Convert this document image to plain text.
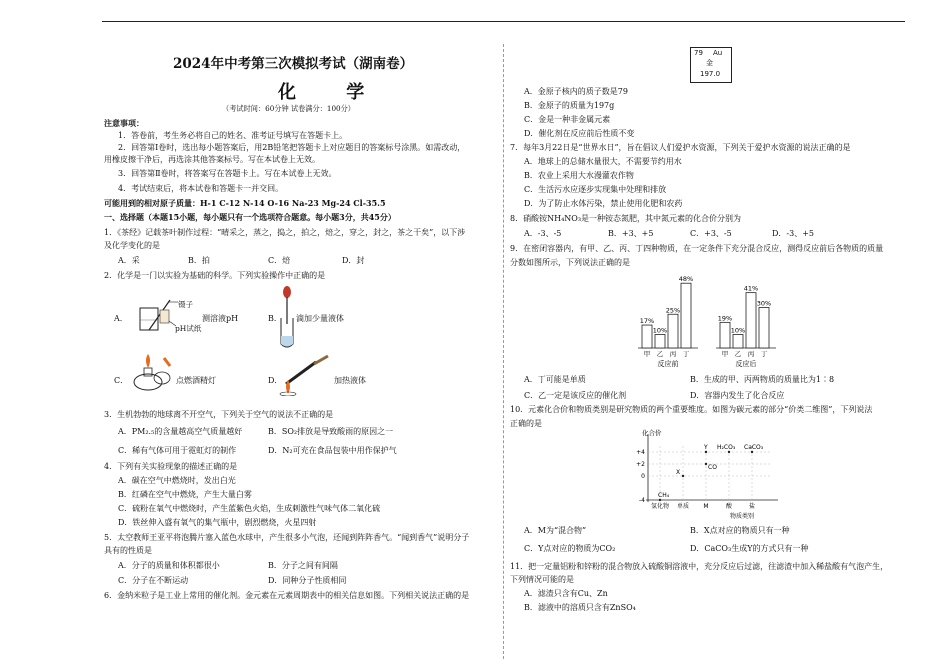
2024年中考第三次模拟考试（湖南卷）
化 学
（考试时间：60分钟 试卷满分：100分）
注意事项：
1．答卷前，考生务必将自己的姓名、准考证号填写在答题卡上。
2．回答第Ⅰ卷时，选出每小题答案后，用2B铅笔把答题卡上对应题目的答案标号涂黑。如需改动，
用橡皮擦干净后，再选涂其他答案标号。写在本试卷上无效。
3．回答第Ⅱ卷时，将答案写在答题卡上。写在本试卷上无效。
4．考试结束后，将本试卷和答题卡一并交回。
可能用到的相对原子质量：H-1 C-12 N-14 O-16 Na-23 Mg-24 Cl-35.5
一、选择题（本题15小题，每小题只有一个选项符合题意。每小题3分，共45分）
1．《茶经》记载茶叶制作过程：“晴采之，蒸之，捣之，拍之，焙之，穿之，封之，茶之干矣”，以下涉
及化学变化的是
A．采	B．拍	C．焙	D．封
2．化学是一门以实验为基础的科学。下列实验操作中正确的是
A．
镊子
pH试纸
测溶液pH	B． 滴加少量液体
C．	点燃酒精灯	D．	加热液体
3．生机勃勃的地球离不开空气，下列关于空气的说法不正确的是
A．PM₂.₅的含量越高空气质量越好	B．SO₂排放是导致酸雨的原因之一
C．稀有气体可用于霓虹灯的制作	D．N₂可充在食品包装中用作保护气
4．下列有关实验现象的描述正确的是
A．碳在空气中燃烧时，发出白光
B．红磷在空气中燃烧，产生大量白雾
C．硫粉在氧气中燃烧时，产生蓝紫色火焰，生成刺激性气味气体二氧化硫
D．铁丝伸入盛有氧气的集气瓶中，剧烈燃烧，火星四射
5．太空教师王亚平将泡腾片塞入蓝色水球中，产生很多小气泡，还闻到阵阵香气。“闻到香气”说明分子
具有的性质是
A．分子的质量和体积都很小	B．分子之间有间隔
C．分子在不断运动	D．同种分子性质相同
6．金纳米粒子是工业上常用的催化剂。金元素在元素周期表中的相关信息如图。下列相关说法正确的是
79 Au
金
197.0
A．金原子核内的质子数是79
B．金原子的质量为197g
C．金是一种非金属元素
D．催化剂在反应前后性质不变
7．每年3月22日是“世界水日”，旨在倡议人们爱护水资源，下列关于爱护水资源的说法正确的是
A．地球上的总储水量很大，不需要节约用水
B．农业上采用大水漫灌农作物
C．生活污水应逐步实现集中处理和排放
D．为了防止水体污染，禁止使用化肥和农药
8．硝酸铵NH₄NO₃是一种铵态氮肥，其中氮元素的化合价分别为
A．-3、-5	B．+3、+5	C．+3、-5	D．-3、+5
9．在密闭容器内，有甲、乙、丙、丁四种物质，在一定条件下充分混合反应，测得反应前后各物质的质量
分数如图所示，下列说法正确的是
17%
甲
10%
乙
25%
丙
48%
丁
反应前
19%
甲
10%
乙
41%
丙
30%
丁
反应后
A．丁可能是单质	B．生成的甲、丙两物质的质量比为1∶8
C．乙一定是该反应的催化剂	D．容器内发生了化合反应
10．元素化合价和物质类别是研究物质的两个重要维度。如图为碳元素的部分“价类二维图”，下列说法
正确的是
化合价
+4
+2
0
-4
氢化物 单质 M	酸	盐
物质类别
CH₄
X
CO
Y H₂CO₃ CaCO₃
A．M为“混合物”	B．X点对应的物质只有一种
C．Y点对应的物质为CO₂	D．CaCO₃生成Y的方式只有一种
11．把一定量铝粉和锌粉的混合物放入硫酸铜溶液中，充分反应后过滤，往滤渣中加入稀盐酸有气泡产生，
下列情况可能的是
A．滤渣只含有Cu、Zn
B．滤液中的溶质只含有ZnSO₄
